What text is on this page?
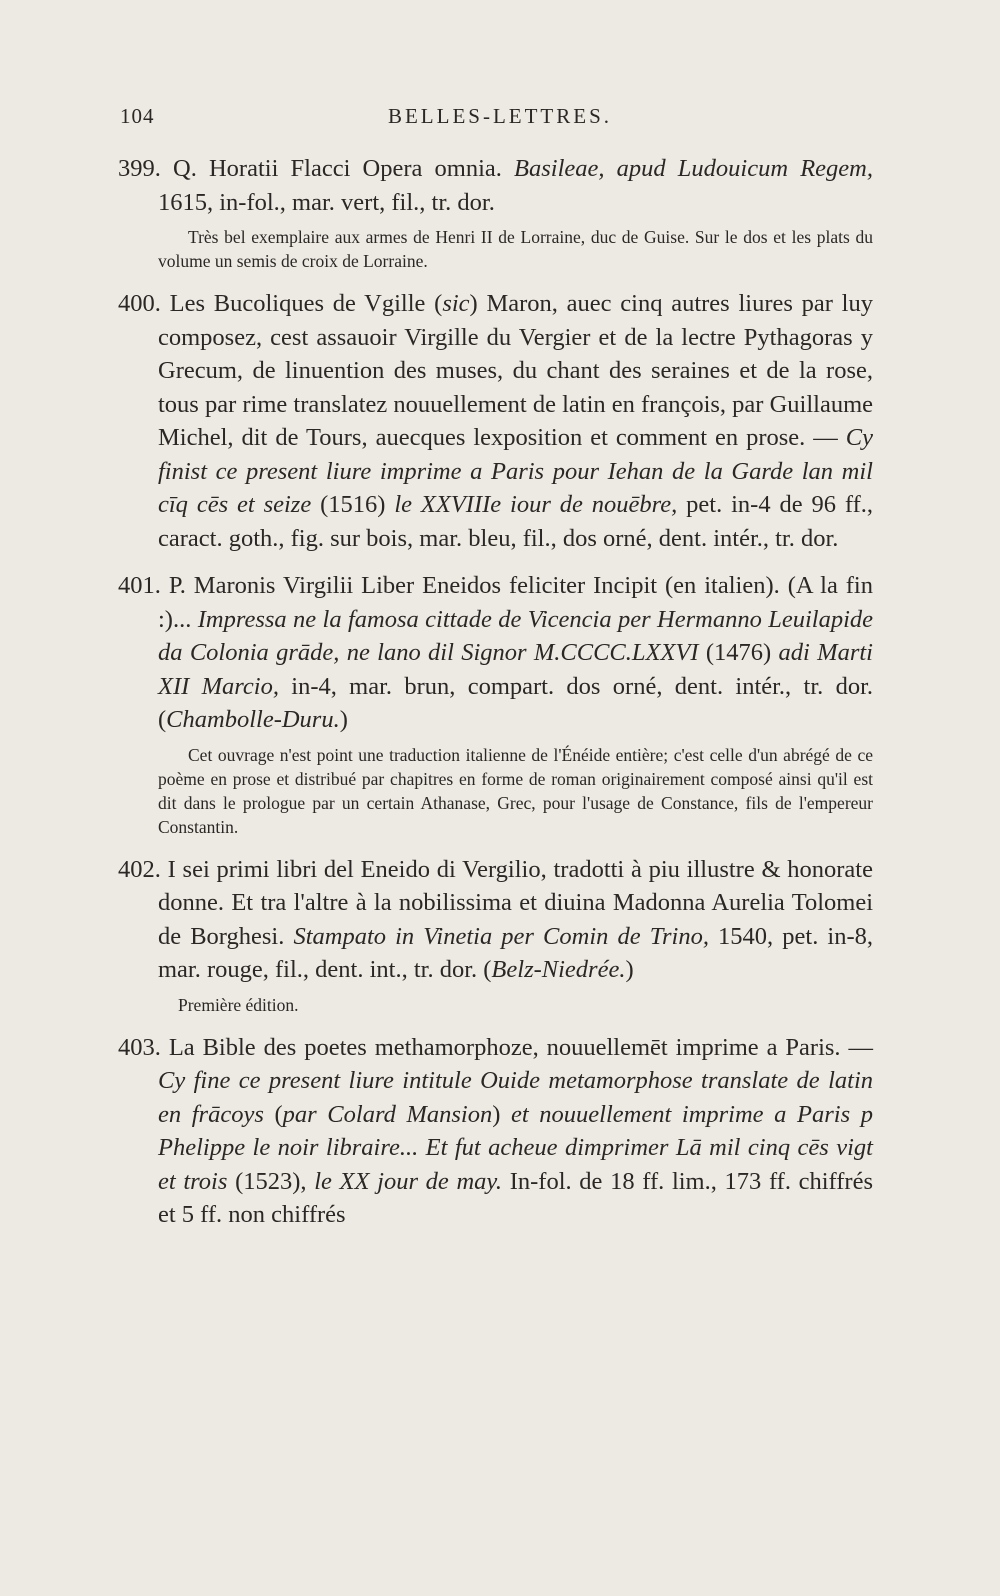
104	BELLES-LETTRES.
399. Q. Horatii Flacci Opera omnia. Basileae, apud Ludouicum Regem, 1615, in-fol., mar. vert, fil., tr. dor.
Très bel exemplaire aux armes de Henri II de Lorraine, duc de Guise. Sur le dos et les plats du volume un semis de croix de Lorraine.
400. Les Bucoliques de Vgille (sic) Maron, auec cinq autres liures par luy composez, cest assauoir Virgille du Vergier et de la lectre Pythagoras y Grecum, de linuention des muses, du chant des seraines et de la rose, tous par rime translatez nouuellement de latin en françois, par Guillaume Michel, dit de Tours, auecques lexposition et comment en prose. — Cy finist ce present liure imprime a Paris pour Iehan de la Garde lan mil cīq cēs et seize (1516) le XXVIIIe iour de nouēbre, pet. in-4 de 96 ff., caract. goth., fig. sur bois, mar. bleu, fil., dos orné, dent. intér., tr. dor.
401. P. Maronis Virgilii Liber Eneidos feliciter Incipit (en italien). (A la fin :)... Impressa ne la famosa cittade de Vicencia per Hermanno Leuilapide da Colonia grāde, ne lano dil Signor M.CCCC.LXXVI (1476) adi Marti XII Marcio, in-4, mar. brun, compart. dos orné, dent. intér., tr. dor. (Chambolle-Duru.)
Cet ouvrage n'est point une traduction italienne de l'Énéide entière; c'est celle d'un abrégé de ce poème en prose et distribué par chapitres en forme de roman originairement composé ainsi qu'il est dit dans le prologue par un certain Athanase, Grec, pour l'usage de Constance, fils de l'empereur Constantin.
402. I sei primi libri del Eneido di Vergilio, tradotti à piu illustre & honorate donne. Et tra l'altre à la nobilissima et diuina Madonna Aurelia Tolomei de Borghesi. Stampato in Vinetia per Comin de Trino, 1540, pet. in-8, mar. rouge, fil., dent. int., tr. dor. (Belz-Niedrée.)
Première édition.
403. La Bible des poetes methamorphoze, nouuellemēt imprime a Paris. — Cy fine ce present liure intitule Ouide metamorphose translate de latin en frācoys (par Colard Mansion) et nouuellement imprime a Paris p Phelippe le noir libraire... Et fut acheue dimprimer Lā mil cinq cēs vigt et trois (1523), le XX jour de may. In-fol. de 18 ff. lim., 173 ff. chiffrés et 5 ff. non chiffrés
